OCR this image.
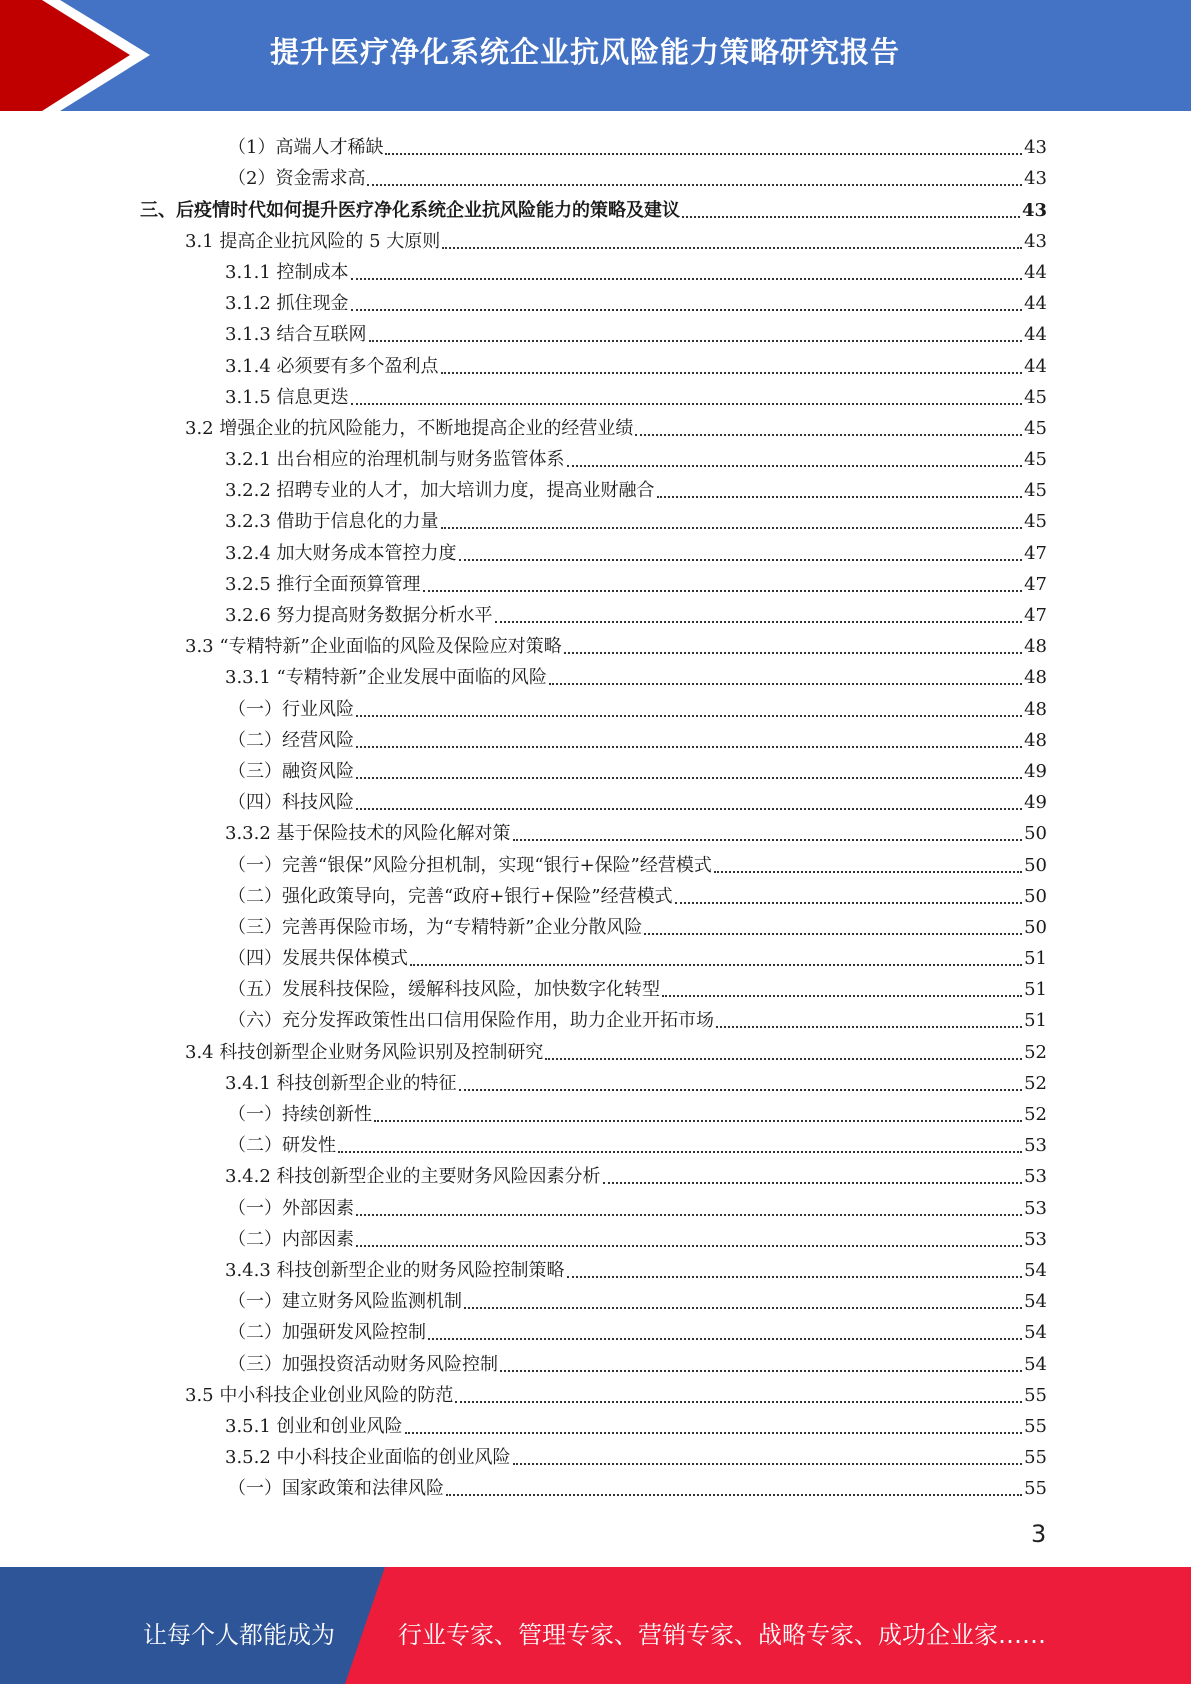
提升医疗净化系统企业抗风险能力策略研究报告
（1）高端人才稀缺	43
（2）资金需求高	43
三、后疫情时代如何提升医疗净化系统企业抗风险能力的策略及建议	43
3.1 提高企业抗风险的 5 大原则	43
3.1.1 控制成本	44
3.1.2 抓住现金	44
3.1.3 结合互联网	44
3.1.4 必须要有多个盈利点	44
3.1.5 信息更迭	45
3.2 增强企业的抗风险能力，不断地提高企业的经营业绩	45
3.2.1 出台相应的治理机制与财务监管体系	45
3.2.2 招聘专业的人才，加大培训力度，提高业财融合	45
3.2.3 借助于信息化的力量	45
3.2.4 加大财务成本管控力度	47
3.2.5 推行全面预算管理	47
3.2.6 努力提高财务数据分析水平	47
3.3 “专精特新”企业面临的风险及保险应对策略	48
3.3.1 “专精特新”企业发展中面临的风险	48
（一）行业风险	48
（二）经营风险	48
（三）融资风险	49
（四）科技风险	49
3.3.2 基于保险技术的风险化解对策	50
（一）完善“银保”风险分担机制，实现“银行+保险”经营模式	50
（二）强化政策导向，完善“政府+银行+保险”经营模式	50
（三）完善再保险市场，为“专精特新”企业分散风险	50
（四）发展共保体模式	51
（五）发展科技保险，缓解科技风险，加快数字化转型	51
（六）充分发挥政策性出口信用保险作用，助力企业开拓市场	51
3.4 科技创新型企业财务风险识别及控制研究	52
3.4.1 科技创新型企业的特征	52
（一）持续创新性	52
（二）研发性	53
3.4.2 科技创新型企业的主要财务风险因素分析	53
（一）外部因素	53
（二）内部因素	53
3.4.3 科技创新型企业的财务风险控制策略	54
（一）建立财务风险监测机制	54
（二）加强研发风险控制	54
（三）加强投资活动财务风险控制	54
3.5 中小科技企业创业风险的防范	55
3.5.1 创业和创业风险	55
3.5.2 中小科技企业面临的创业风险	55
（一）国家政策和法律风险	55
3
让每个人都能成为	行业专家、管理专家、营销专家、战略专家、成功企业家……
